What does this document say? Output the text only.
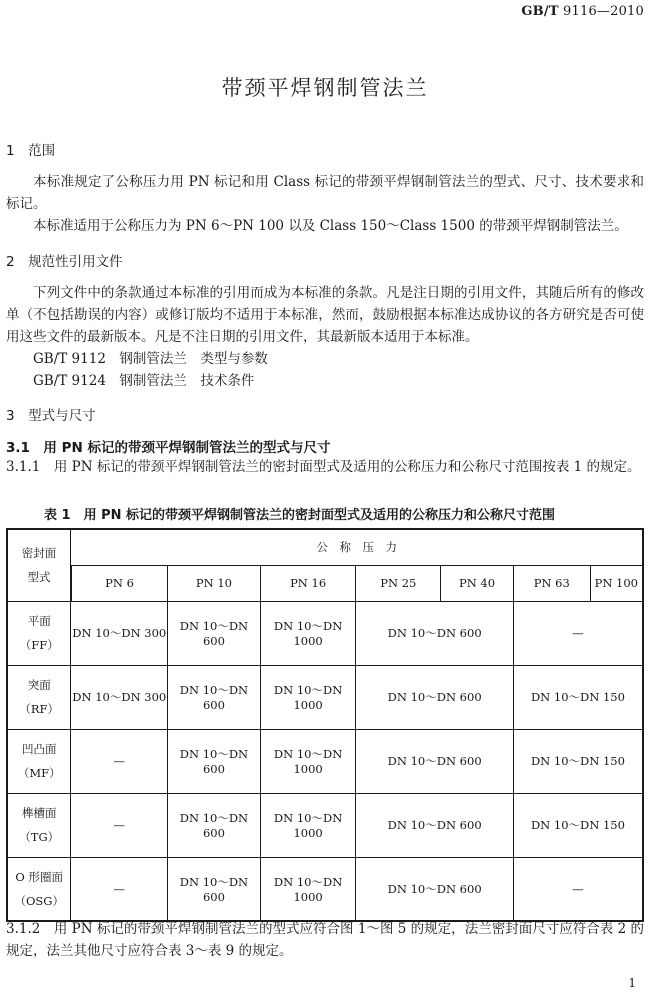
GB/T 9116—2010
带颈平焊钢制管法兰
1　范围
本标准规定了公称压力用 PN 标记和用 Class 标记的带颈平焊钢制管法兰的型式、尺寸、技术要求和标记。
本标准适用于公称压力为 PN 6～PN 100 以及 Class 150～Class 1500 的带颈平焊钢制管法兰。
2　规范性引用文件
下列文件中的条款通过本标准的引用而成为本标准的条款。凡是注日期的引用文件，其随后所有的修改单（不包括勘误的内容）或修订版均不适用于本标准，然而，鼓励根据本标准达成协议的各方研究是否可使用这些文件的最新版本。凡是不注日期的引用文件，其最新版本适用于本标准。
GB/T 9112　钢制管法兰　类型与参数
GB/T 9124　钢制管法兰　技术条件
3　型式与尺寸
3.1　用 PN 标记的带颈平焊钢制管法兰的型式与尺寸
3.1.1　用 PN 标记的带颈平焊钢制管法兰的密封面型式及适用的公称压力和公称尺寸范围按表 1 的规定。
表 1　用 PN 标记的带颈平焊钢制管法兰的密封面型式及适用的公称压力和公称尺寸范围
密封面
型式	公　称　压　力						
	PN 6	PN 10	PN 16	PN 25	PN 40	PN 63	PN 100

平面
（FF）	DN 10～DN 300	DN 10～DN 600	DN 10～DN 1000	DN 10～DN 600		—	

突面
（RF）	DN 10～DN 300	DN 10～DN 600	DN 10～DN 1000	DN 10～DN 600		DN 10～DN 150	

凹凸面
（MF）	—	DN 10～DN 600	DN 10～DN 1000	DN 10～DN 600		DN 10～DN 150	

榫槽面
（TG）	—	DN 10～DN 600	DN 10～DN 1000	DN 10～DN 600		DN 10～DN 150	

O 形圈面
（OSG）	—	DN 10～DN 600	DN 10～DN 1000	DN 10～DN 600		—	
3.1.2　用 PN 标记的带颈平焊钢制管法兰的型式应符合图 1～图 5 的规定，法兰密封面尺寸应符合表 2 的规定，法兰其他尺寸应符合表 3～表 9 的规定。
1
